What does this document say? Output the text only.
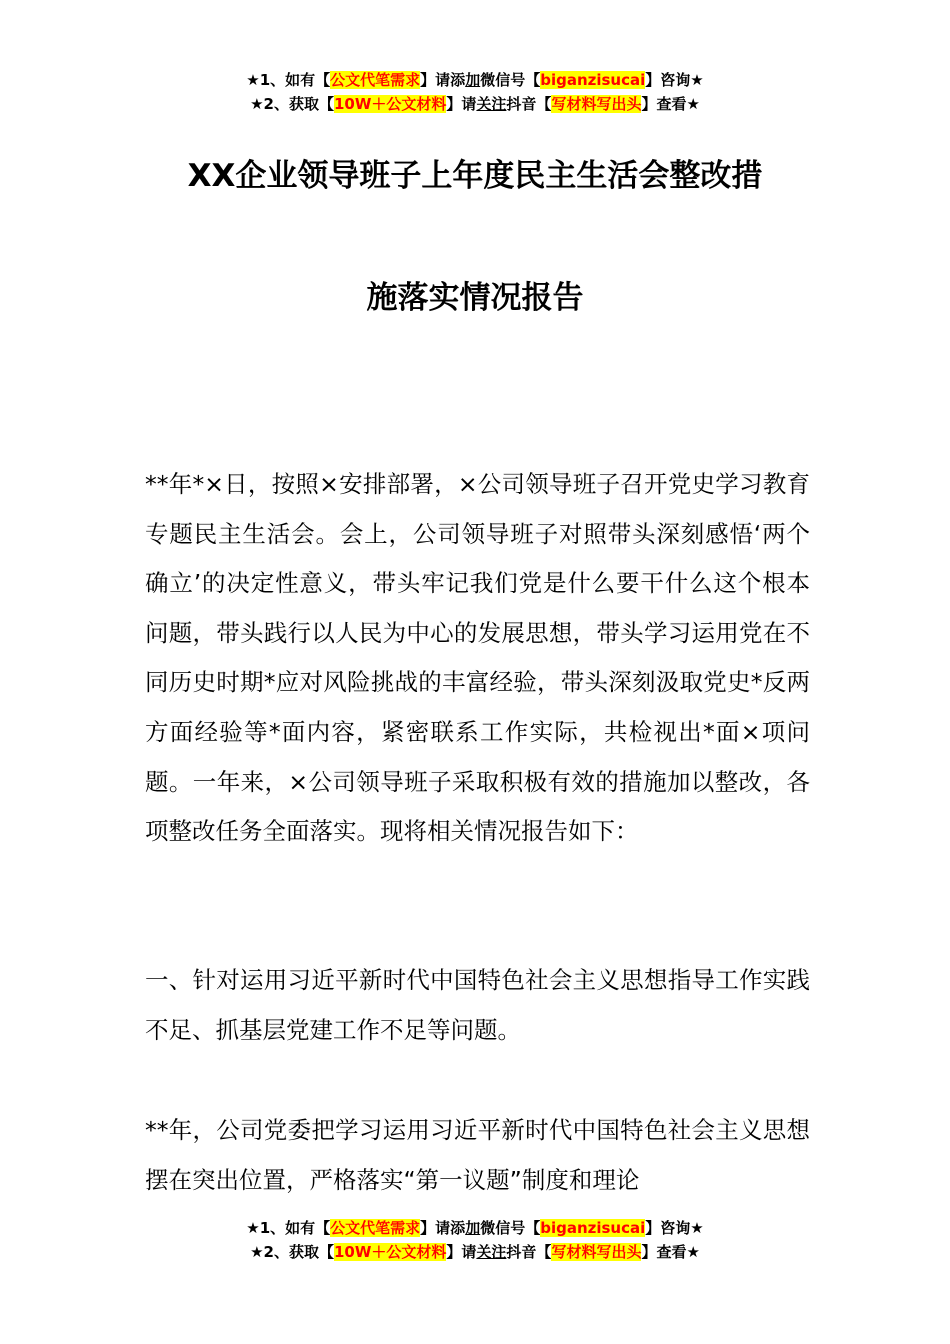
★1、如有【公文代笔需求】请添加微信号【biganzisucai】咨询★
★2、获取【10W＋公文材料】请关注抖音【写材料写出头】查看★
XX企业领导班子上年度民主生活会整改措
施落实情况报告

**年*×日，按照×安排部署，×公司领导班子召开党史学习教育专题民主生活会。会上，公司领导班子对照带头深刻感悟‘两个确立’的决定性意义，带头牢记我们党是什么要干什么这个根本问题，带头践行以人民为中心的发展思想，带头学习运用党在不同历史时期*应对风险挑战的丰富经验，带头深刻汲取党史*反两方面经验等*面内容，紧密联系工作实际，共检视出*面×项问题。一年来，×公司领导班子采取积极有效的措施加以整改，各项整改任务全面落实。现将相关情况报告如下：

一、针对运用习近平新时代中国特色社会主义思想指导工作实践不足、抓基层党建工作不足等问题。

**年，公司党委把学习运用习近平新时代中国特色社会主义思想摆在突出位置，严格落实“第一议题”制度和理论

★1、如有【公文代笔需求】请添加微信号【biganzisucai】咨询★
★2、获取【10W＋公文材料】请关注抖音【写材料写出头】查看★
